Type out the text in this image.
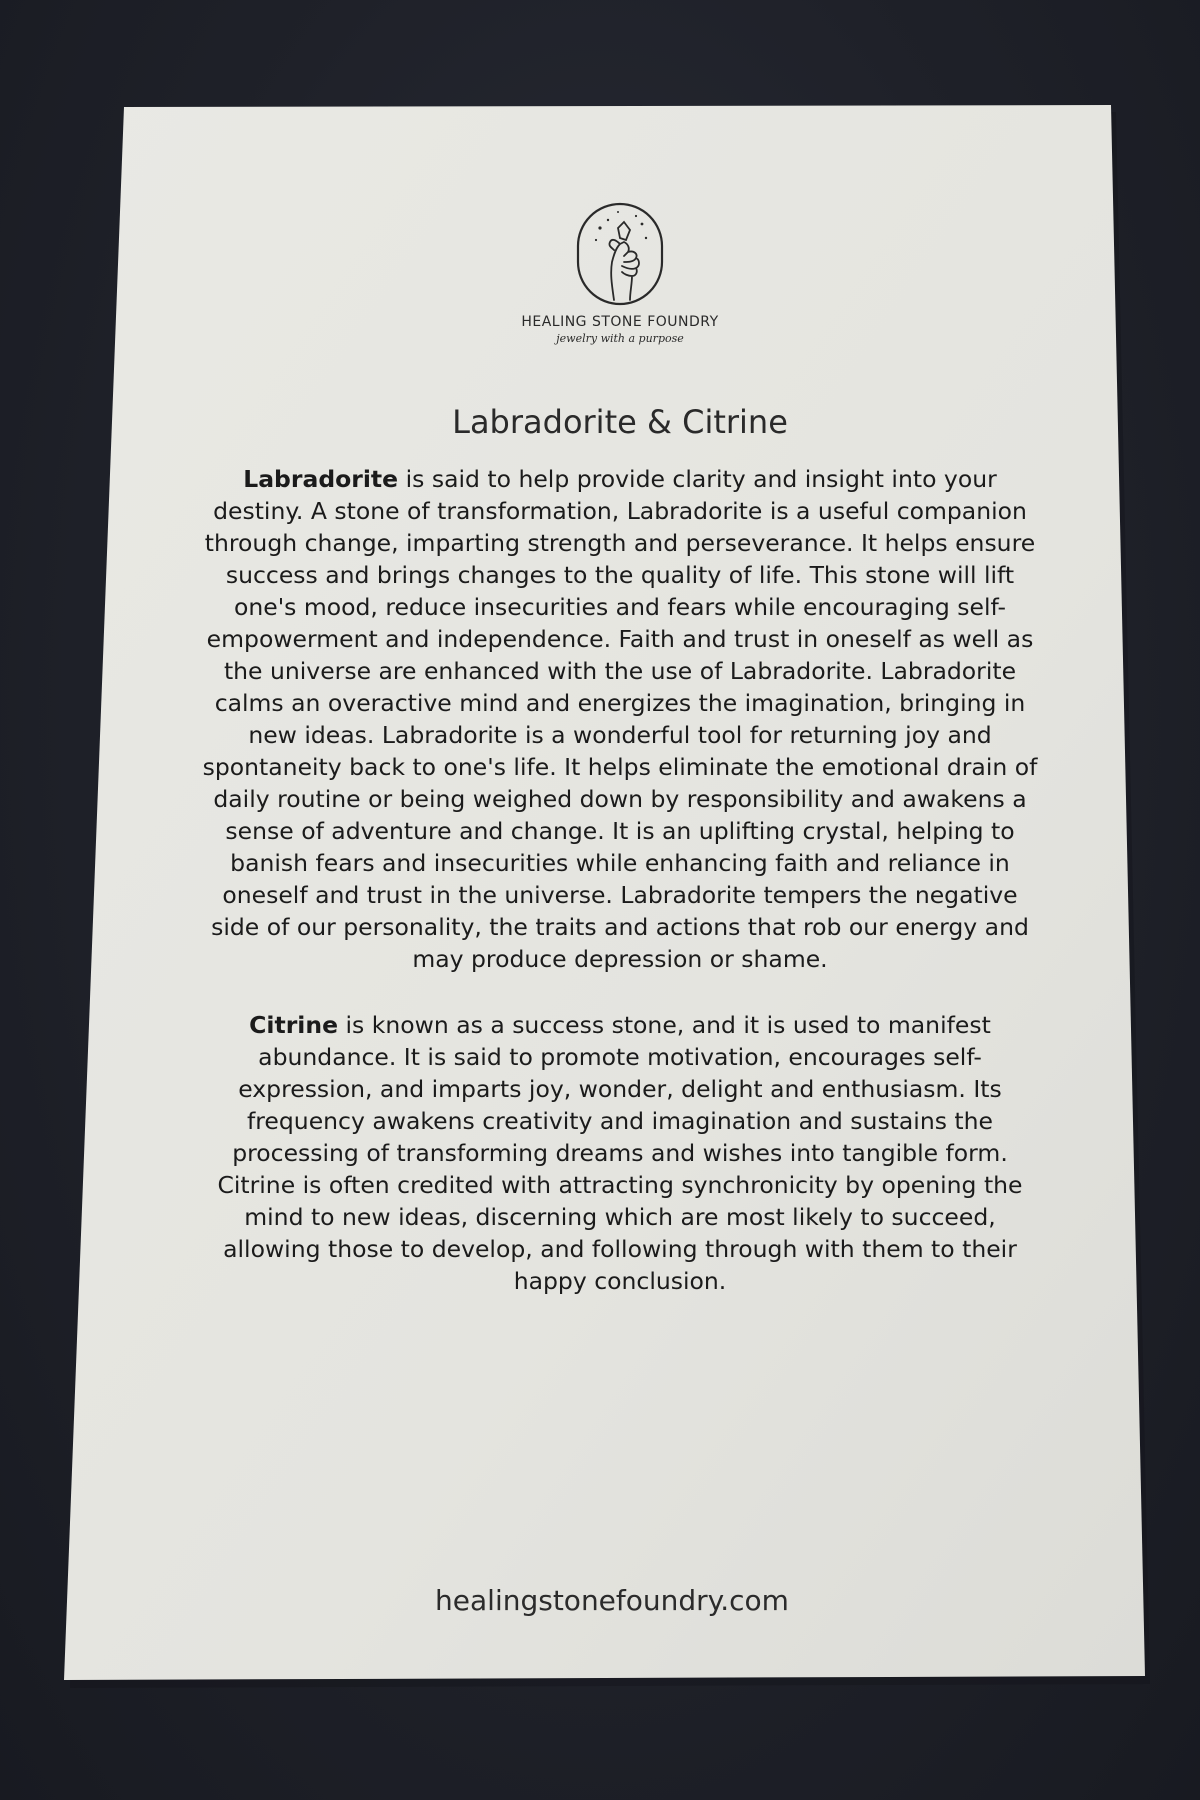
HEALING STONE FOUNDRY
jewelry with a purpose
Labradorite & Citrine

Labradorite is said to help provide clarity and insight into your destiny. A stone of transformation, Labradorite is a useful companion through change, imparting strength and perseverance. It helps ensure success and brings changes to the quality of life. This stone will lift one's mood, reduce insecurities and fears while encouraging self-empowerment and independence. Faith and trust in oneself as well as the universe are enhanced with the use of Labradorite. Labradorite calms an overactive mind and energizes the imagination, bringing in new ideas. Labradorite is a wonderful tool for returning joy and spontaneity back to one's life. It helps eliminate the emotional drain of daily routine or being weighed down by responsibility and awakens a sense of adventure and change. It is an uplifting crystal, helping to banish fears and insecurities while enhancing faith and reliance in oneself and trust in the universe. Labradorite tempers the negative side of our personality, the traits and actions that rob our energy and may produce depression or shame.

Citrine is known as a success stone, and it is used to manifest abundance. It is said to promote motivation, encourages self-expression, and imparts joy, wonder, delight and enthusiasm. Its frequency awakens creativity and imagination and sustains the processing of transforming dreams and wishes into tangible form. Citrine is often credited with attracting synchronicity by opening the mind to new ideas, discerning which are most likely to succeed, allowing those to develop, and following through with them to their happy conclusion.

healingstonefoundry.com
